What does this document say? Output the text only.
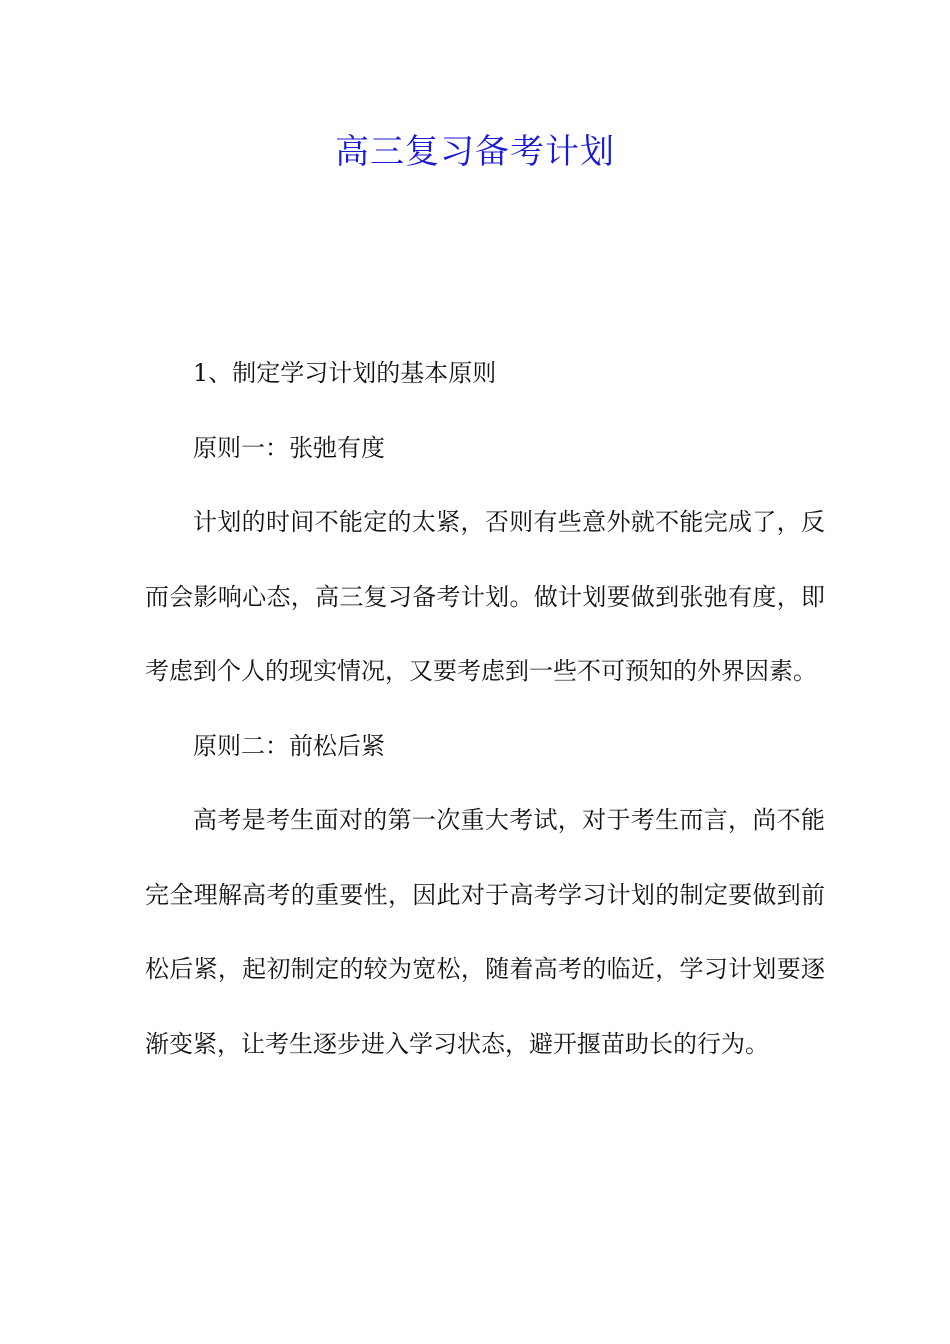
高三复习备考计划

1、制定学习计划的基本原则

原则一：张弛有度

计划的时间不能定的太紧，否则有些意外就不能完成了，反而会影响心态，高三复习备考计划。做计划要做到张弛有度，即考虑到个人的现实情况，又要考虑到一些不可预知的外界因素。

原则二：前松后紧

高考是考生面对的第一次重大考试，对于考生而言，尚不能完全理解高考的重要性，因此对于高考学习计划的制定要做到前松后紧，起初制定的较为宽松，随着高考的临近，学习计划要逐渐变紧，让考生逐步进入学习状态，避开揠苗助长的行为。
